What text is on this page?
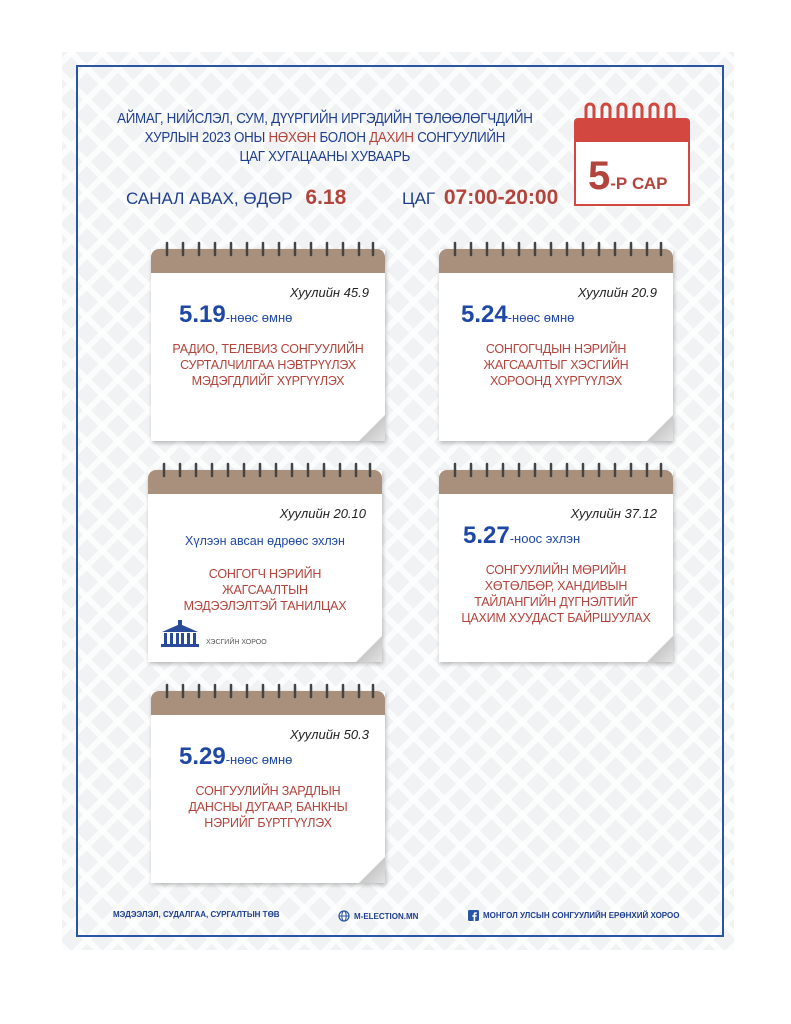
АЙМАГ, НИЙСЛЭЛ, СУМ, ДҮҮРГИЙН ИРГЭДИЙН ТӨЛӨӨЛӨГЧДИЙН
ХУРЛЫН 2023 ОНЫ НӨХӨН БОЛОН ДАХИН СОНГУУЛИЙН
ЦАГ ХУГАЦААНЫ ХУВААРЬ
САНАЛ АВАХ, ӨДӨР 6.18	ЦАГ 07:00-20:00 5-Р САР
Хуулийн 45.9
5.19-нөөс өмнө
РАДИО, ТЕЛЕВИЗ СОНГУУЛИЙН
СУРТАЛЧИЛГАА НЭВТРҮҮЛЭХ
МЭДЭГДЛИЙГ ХҮРГҮҮЛЭХ
Хуулийн 20.9
5.24-нөөс өмнө
СОНГОГЧДЫН НЭРИЙН
ЖАГСААЛТЫГ ХЭСГИЙН
ХОРООНД ХҮРГҮҮЛЭХ
Хуулийн 20.10
Хүлээн авсан өдрөөс эхлэн
СОНГОГЧ НЭРИЙН ЖАГСААЛТЫН
МЭДЭЭЛЭЛТЭЙ ТАНИЛЦАХ
ХЭСГИЙН ХОРОО
Хуулийн 37.12
5.27-ноос эхлэн
СОНГУУЛИЙН МӨРИЙН
ХӨТӨЛБӨР, ХАНДИВЫН
ТАЙЛАНГИЙН ДҮГНЭЛТИЙГ
ЦАХИМ ХУУДАСТ БАЙРШУУЛАХ
Хуулийн 50.3
5.29-нөөс өмнө
СОНГУУЛИЙН ЗАРДЛЫН
ДАНСНЫ ДУГААР, БАНКНЫ
НЭРИЙГ БҮРТГҮҮЛЭХ
МЭДЭЭЛЭЛ, СУДАЛГАА, СУРГАЛТЫН ТӨВ	M-ELECTION.MN	МОНГОЛ УЛСЫН СОНГУУЛИЙН ЕРӨНХИЙ ХОРОО
